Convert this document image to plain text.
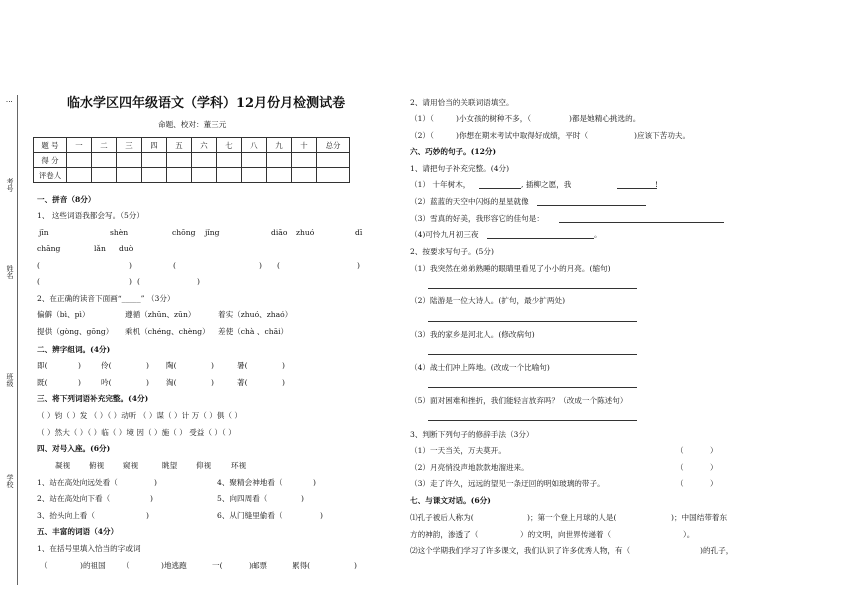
⋮
考号
姓名
班级
学校
临水学区四年级语文（学科）12月份月检测试卷
命题、校对：董三元
题 号	一	二	三	四	五	六	七	八	九	十	总分
得 分											
评卷人											
一、拼音（8分）
1、 这些词语我都会写。（5分）
jīn	shèn	chōng jǐng	diāo zhuó	dī
chāng	lǎn duò
(	)	(	) (	)
(	) (	)
2、在正确的读音下面画“_____” （3分）
偏僻（bì、pì）	遵循（zhūn、zūn）	着实（zhuó、zhaó）
提供（gòng、gōng） 乘机（chéng、chèng） 差使（chà 、chāi）
二、辨字组词。(4分)
即(	)	伶(	) 陶(	)	暑(	)
既(	)	吟(	) 淘(	)	著(	)
三、将下列词语补充完整。(4分)
（ ）钧（ ）发 （ ）（ ）动听 （ ）谋（ ）计 万（ ）俱（ ）
（ ）然大（ ）（ ）临（ ）境 因（ ）施（ ） 受益（ ）（ ）
四、对号入座。(6分)
凝视 俯视 窥视	眺望 仰视	环视
1、站在高处向远处看（	)	4、聚精会神地看（	)
2、站在高处向下看（	)	5、向四周看（	)
3、抬头向上看（	)	6、从门缝里偷看（	)
五、丰富的词语（4分）
1、在括号里填入恰当的字或词
（	)的祖国 （	)地逃跑	一(	)邮票	累得(	)
2、请用恰当的关联词语填空。
（1）（	)小女孩的树种不多，（	)都是她精心挑选的。
（2）（	)你想在期末考试中取得好成绩，平时（	)应该下苦功夫。
六、巧妙的句子。(12分)
1、请把句子补充完整。(4分)
（1） 十年树木，	, 插柳之愿，我	!
（2）蓝蓝的天空中闪烁的星星就像
（3）雪真的好美，我形容它的佳句是：
（4)可怜九月初三夜	。
2、按要求写句子。(5分)
（1）我突然在弟弟熟睡的眼睛里看见了小小的月亮。(缩句)
（2）陆游是一位大诗人。(扩句，最少扩两处)
（3）我的家乡是河北人。(修改病句)
（4）战士们冲上阵地。(改成一个比喻句)
（5）面对困难和挫折，我们能轻言放弃吗？（改成一个陈述句）
3、判断下列句子的修辞手法（3分）
（1）一天当关，万夫莫开。	（	）
（2）月亮悄没声地款款地溜进来。	（	）
（3）走了许久，远远的望见一条迂回的明如玻璃的带子。	（	）
七、与课文对话。(6分)
⑴孔子被后人称为(	)；第一个登上月球的人是(	)；中国结带着东
方的神韵，渗透了（	）的文明，向世界传递着（	）。
⑵这个学期我们学习了许多课文，我们认识了许多优秀人物，有（	)的孔子，
